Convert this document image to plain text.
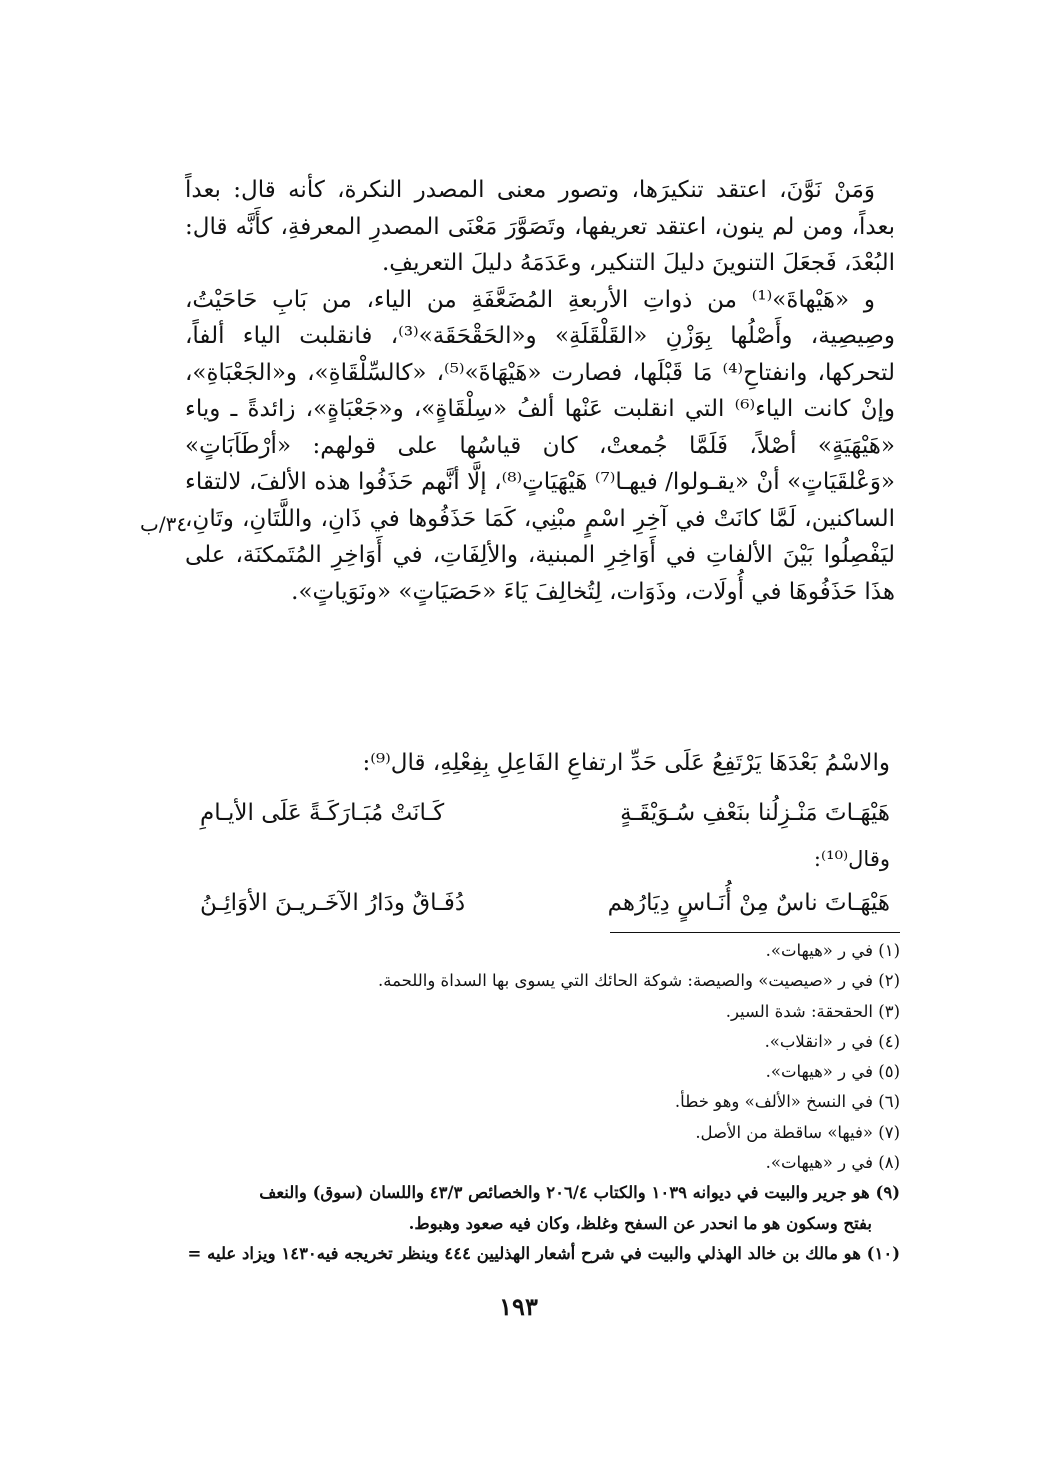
وَمَنْ نَوَّنَ، اعتقد تنكيرَها، وتصور معنى المصدر النكرة، كأنه قال: بعداً بعداً، ومن لم ينون، اعتقد تعريفها، وتَصَوَّرَ مَعْنَى المصدرِ المعرفةِ، كأَنَّه قال: البُعْدَ، فَجعَلَ التنوينَ دليلَ التنكير، وعَدَمَهُ دليلَ التعريفِ.

و «هَيْهاةَ»⁽¹⁾ من ذواتِ الأربعةِ المُضَعَّفَةِ من الياء، من بَابِ حَاحَيْتُ، وصِيصِية، وأَصْلُها بِوَزْنِ «القَلْقَلَةِ» و«الحَقْحَقَة»⁽³⁾، فانقلبت الياء ألفاً، لتحركها، وانفتاحِ⁽⁴⁾ مَا قَبْلَها، فصارت «هَيْهَاةَ»⁽⁵⁾، «كالسِّلْقَاةِ»، و«الجَعْبَاةِ»، وإنْ كانت الياء⁽⁶⁾ التي انقلبت عَنْها ألفُ «سِلْقَاةٍ»، و«جَعْبَاةٍ»، زائدةً ـ وياء «هَيْهَيَةٍ» أصْلاً، فَلَمَّا جُمعتْ، كان قياسُها على قولهم: «أرْطَاَبَاتٍ» «وَعْلقَيَاتٍ» أنْ «يقـولوا/ فيهـا⁽⁷⁾ هَيْهَيَاتٍ⁽⁸⁾، إلَّا أنَّهم حَذَفُوا هذه الألفَ، لالتقاء الساكنين، لَمَّا كانَتْ في آخِرِ اسْمٍ مبْنِي، كَمَا حَذَفُوها في ذَانِ، واللَّتَانِ، وتَانِ، ليَفْصِلُوا بَيْنَ الألفاتِ في أَوَاخِرِ المبنية، والألِفَاتِ، في أَوَاخِرِ المُتَمكنَة، على هذَا حَذَفُوهَا في أُولَات، وذَوَات، لِتُخالِفَ يَاءَ «حَصَيَاتٍ» «ونَوَياتٍ».

٣٤/ب
والاسْمُ بَعْدَهَا يَرْتَفِعُ عَلَى حَدِّ ارتفاعِ الفَاعِلِ بِفِعْلِهِ، قال⁽⁹⁾:
هَيْهَـاتَ مَنْـزِلُنا بنَعْفِ سُـوَيْقَـةٍ
كَـانَتْ مُبَـارَكَـةً عَلَى الأيـامِ
وقال⁽¹⁰⁾:
هَيْهَـاتَ ناسٌ مِنْ أُنَـاسٍ دِيَارُهم
دُفَـاقٌ ودَارُ الآخَـريـنَ الأوَائِـنُ

(١) في ر «هيهات».

(٢) في ر «صيصيت» والصيصة: شوكة الحائك التي يسوى بها السداة واللحمة.

(٣) الحقحقة: شدة السير.

(٤) في ر «انقلاب».

(٥) في ر «هيهات».

(٦) في النسخ «الألف» وهو خطأ.

(٧) «فيها» ساقطة من الأصل.

(٨) في ر «هيهات».

(٩) هو جرير والبيت في ديوانه ١٠٣٩ والكتاب ٢٠٦/٤ والخصائص ٤٣/٣ واللسان (سوق) والنعف

بفتح وسكون هو ما انحدر عن السفح وغلظ، وكان فيه صعود وهبوط.

(١٠) هو مالك بن خالد الهذلي والبيت في شرح أشعار الهذليين ٤٤٤ وينظر تخريجه فيه١٤٣٠ ويزاد عليه =

١٩٣
